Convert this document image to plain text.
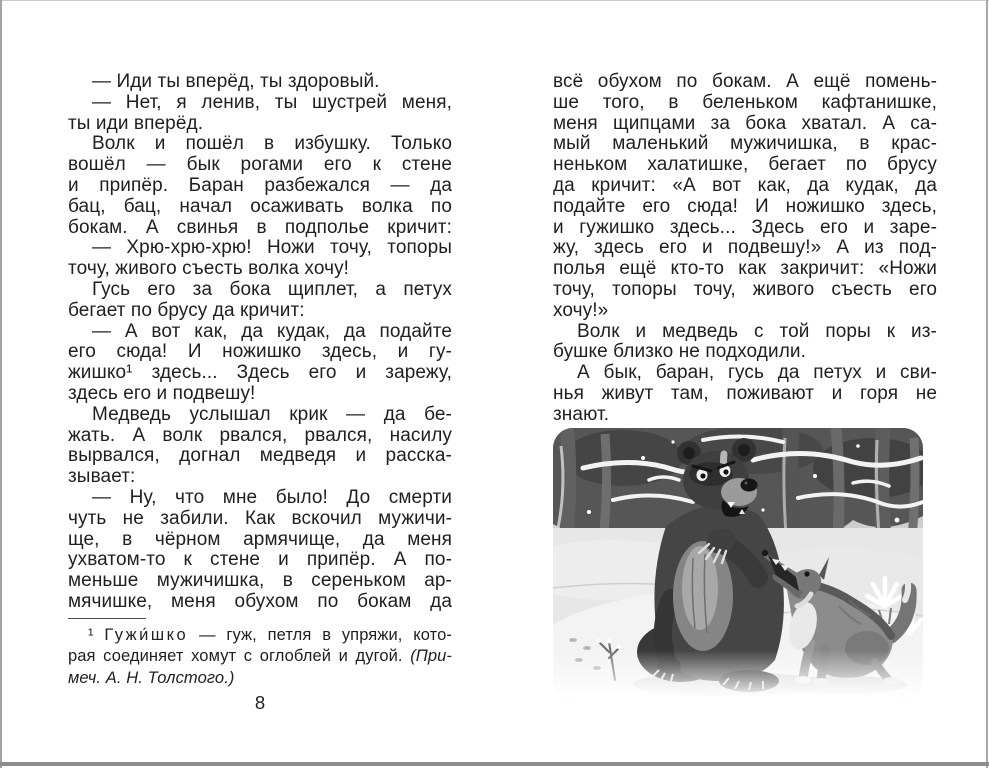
— Иди ты вперёд, ты здоровый.
— Нет, я ленив, ты шустрей меня,
ты иди вперёд.
Волк и пошёл в избушку. Только
вошёл — бык рогами его к стене
и припёр. Баран разбежался — да
бац, бац, начал осаживать волка по
бокам. А свинья в подполье кричит:
— Хрю-хрю-хрю! Ножи точу, топоры
точу, живого съесть волка хочу!
Гусь его за бока щиплет, а петух
бегает по брусу да кричит:
— А вот как, да кудак, да подайте
его сюда! И ножишко здесь, и гу-
жишко¹ здесь... Здесь его и зарежу,
здесь его и подвешу!
Медведь услышал крик — да бе-
жать. А волк рвался, рвался, насилу
вырвался, догнал медведя и расска-
зывает:
— Ну, что мне было! До смерти
чуть не забили. Как вскочил мужичи-
ще, в чёрном армячище, да меня
ухватом-то к стене и припёр. А по-
меньше мужичишка, в сереньком ар-
мячишке, меня обухом по бокам да
¹ Гужи́шко — гуж, петля в упряжи, кото-
рая соединяет хомут с оглоблей и дугой. (При-
меч. А. Н. Толстого.)
всё обухом по бокам. А ещё помень-
ше того, в беленьком кафтанишке,
меня щипцами за бока хватал. А са-
мый маленький мужичишка, в крас-
неньком халатишке, бегает по брусу
да кричит: «А вот как, да кудак, да
подайте его сюда! И ножишко здесь,
и гужишко здесь... Здесь его и заре-
жу, здесь его и подвешу!» А из под-
полья ещё кто-то как закричит: «Ножи
точу, топоры точу, живого съесть его
хочу!»
Волк и медведь с той поры к из-
бушке близко не подходили.
А бык, баран, гусь да петух и сви-
нья живут там, поживают и горя не
знают.
8
